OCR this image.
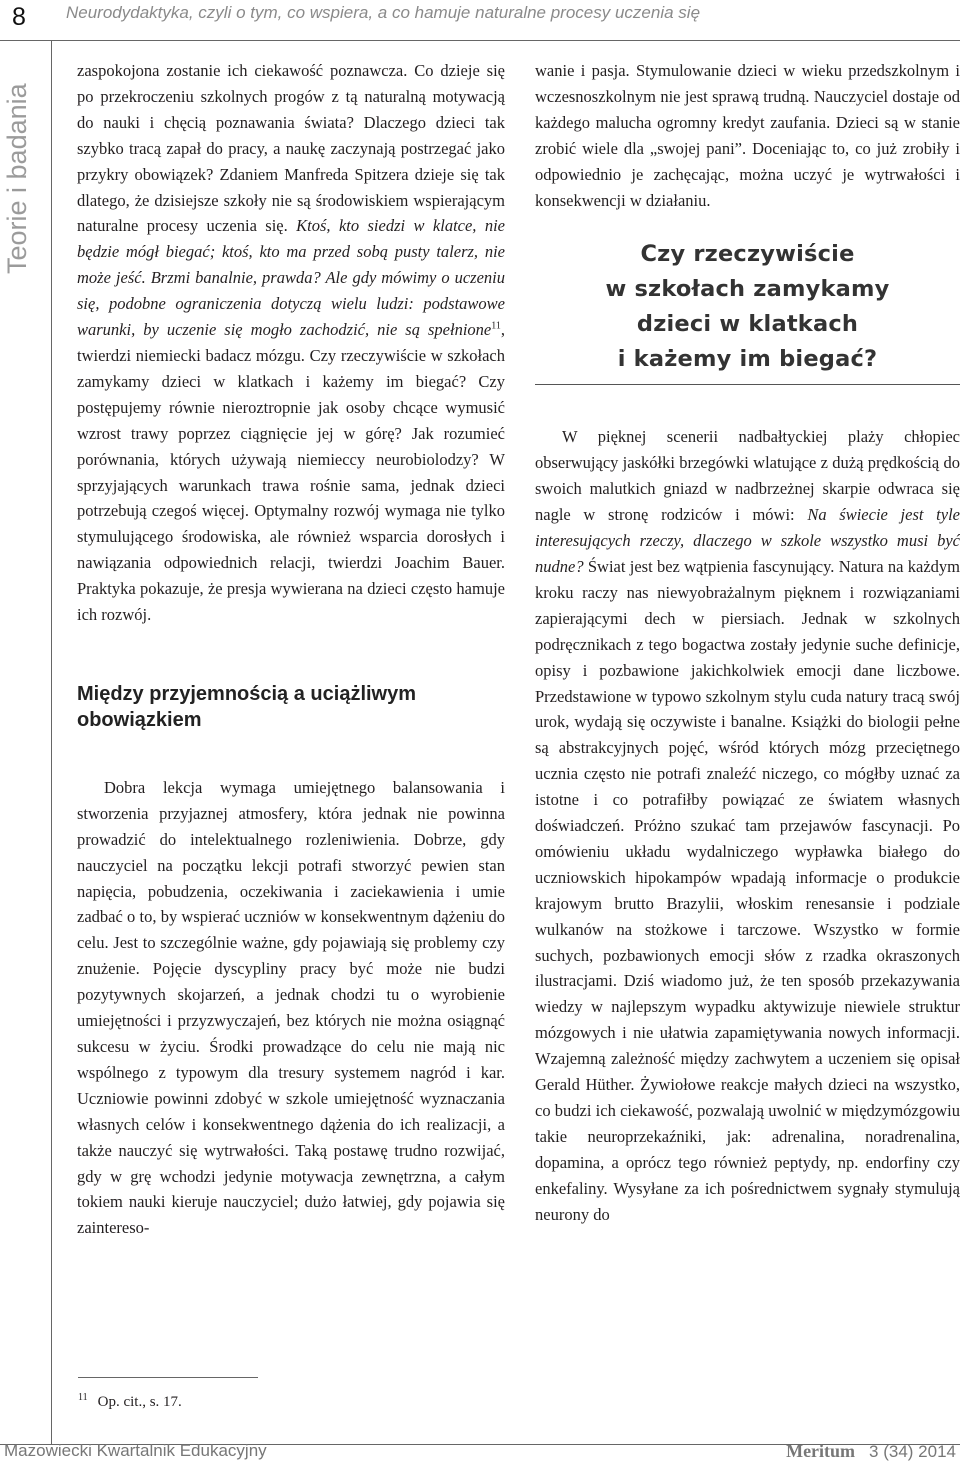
8 Neurodydaktyka, czyli o tym, co wspiera, a co hamuje naturalne procesy uczenia się
Teorie i badania

zaspokojona zostanie ich ciekawość poznawcza. Co dzieje się po przekroczeniu szkolnych progów z tą naturalną motywacją do nauki i chęcią poznawania świata? Dlaczego dzieci tak szybko tracą zapał do pracy, a naukę zaczynają postrzegać jako przykry obowiązek? Zdaniem Manfreda Spitzera dzieje się tak dlatego, że dzisiejsze szkoły nie są środowiskiem wspierającym naturalne procesy uczenia się. Ktoś, kto siedzi w klatce, nie będzie mógł biegać; ktoś, kto ma przed sobą pusty talerz, nie może jeść. Brzmi banalnie, prawda? Ale gdy mówimy o uczeniu się, podobne ograniczenia dotyczą wielu ludzi: podstawowe warunki, by uczenie się mogło zachodzić, nie są spełnione$^{11}$, twierdzi niemiecki badacz mózgu. Czy rzeczywiście w szkołach zamykamy dzieci w klatkach i każemy im biegać? Czy postępujemy równie nieroztropnie jak osoby chcące wymusić wzrost trawy poprzez ciągnięcie jej w górę? Jak rozumieć porównania, których używają niemieccy neurobiolodzy? W sprzyjających warunkach trawa rośnie sama, jednak dzieci potrzebują czegoś więcej. Optymalny rozwój wymaga nie tylko stymulującego środowiska, ale również wsparcia dorosłych i nawiązania odpowiednich relacji, twierdzi Joachim Bauer. Praktyka pokazuje, że presja wywierana na dzieci często hamuje ich rozwój.

Między przyjemnością a uciążliwym obowiązkiem

Dobra lekcja wymaga umiejętnego balansowania i stworzenia przyjaznej atmosfery, która jednak nie powinna prowadzić do intelektualnego rozleniwienia. Dobrze, gdy nauczyciel na początku lekcji potrafi stworzyć pewien stan napięcia, pobudzenia, oczekiwania i zaciekawienia i umie zadbać o to, by wspierać uczniów w konsekwentnym dążeniu do celu. Jest to szczególnie ważne, gdy pojawiają się problemy czy znużenie. Pojęcie dyscypliny pracy być może nie budzi pozytywnych skojarzeń, a jednak chodzi tu o wyrobienie umiejętności i przyzwyczajeń, bez których nie można osiągnąć sukcesu w życiu. Środki prowadzące do celu nie mają nic wspólnego z typowym dla tresury systemem nagród i kar. Uczniowie powinni zdobyć w szkole umiejętność wyznaczania własnych celów i konsekwentnego dążenia do ich realizacji, a także nauczyć się wytrwałości. Taką postawę trudno rozwijać, gdy w grę wchodzi jedynie motywacja zewnętrzna, a całym tokiem nauki kieruje nauczyciel; dużo łatwiej, gdy pojawia się zaintereso-

wanie i pasja. Stymulowanie dzieci w wieku przedszkolnym i wczesnoszkolnym nie jest sprawą trudną. Nauczyciel dostaje od każdego malucha ogromny kredyt zaufania. Dzieci są w stanie zrobić wiele dla „swojej pani”. Doceniając to, co już zrobiły i odpowiednio je zachęcając, można uczyć je wytrwałości i konsekwencji w działaniu.

Czy rzeczywiście
w szkołach zamykamy
dzieci w klatkach
i każemy im biegać?

W pięknej scenerii nadbałtyckiej plaży chłopiec obserwujący jaskółki brzegówki wlatujące z dużą prędkością do swoich malutkich gniazd w nadbrzeżnej skarpie odwraca się nagle w stronę rodziców i mówi: Na świecie jest tyle interesujących rzeczy, dlaczego w szkole wszystko musi być nudne? Świat jest bez wątpienia fascynujący. Natura na każdym kroku raczy nas niewyobrażalnym pięknem i rozwiązaniami zapierającymi dech w piersiach. Jednak w szkolnych podręcznikach z tego bogactwa zostały jedynie suche definicje, opisy i pozbawione jakichkolwiek emocji dane liczbowe. Przedstawione w typowo szkolnym stylu cuda natury tracą swój urok, wydają się oczywiste i banalne. Książki do biologii pełne są abstrakcyjnych pojęć, wśród których mózg przeciętnego ucznia często nie potrafi znaleźć niczego, co mógłby uznać za istotne i co potrafiłby powiązać ze światem własnych doświadczeń. Próżno szukać tam przejawów fascynacji. Po omówieniu układu wydalniczego wypławka białego do uczniowskich hipokampów wpadają informacje o produkcie krajowym brutto Brazylii, włoskim renesansie i podziale wulkanów na stożkowe i tarczowe. Wszystko w formie suchych, pozbawionych emocji słów z rzadka okraszonych ilustracjami. Dziś wiadomo już, że ten sposób przekazywania wiedzy w najlepszym wypadku aktywizuje niewiele struktur mózgowych i nie ułatwia zapamiętywania nowych informacji. Wzajemną zależność między zachwytem a uczeniem się opisał Gerald Hüther. Żywiołowe reakcje małych dzieci na wszystko, co budzi ich ciekawość, pozwalają uwolnić w międzymózgowiu takie neuroprzekaźniki, jak: adrenalina, noradrenalina, dopamina, a oprócz tego również peptydy, np. endorfiny czy enkefaliny. Wysyłane za ich pośrednictwem sygnały stymulują neurony do

$^{11}$ Op. cit., s. 17.
Mazowiecki Kwartalnik Edukacyjny	Meritum 3 (34) 2014
